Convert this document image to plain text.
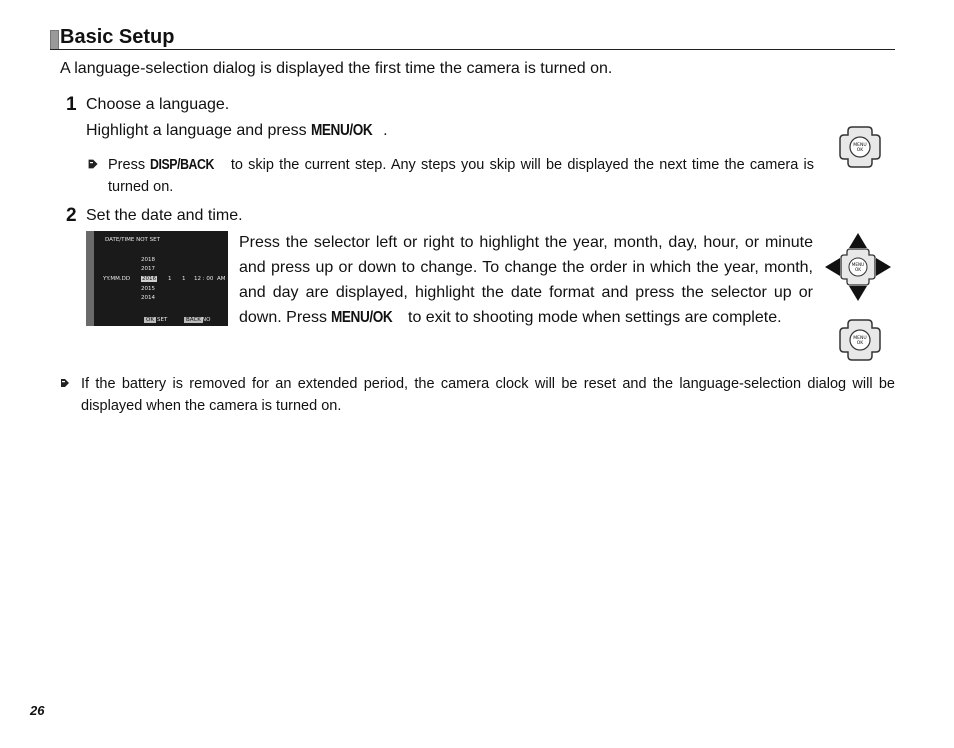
Basic Setup
A language-selection dialog is displayed the first time the camera is turned on.
1 Choose a language.
Highlight a language and press MENU/OK .
Press DISP/BACK to skip the current step. Any steps you skip will be displayed the next time the camera is turned on.
MENU
OK
2 Set the date and time.
DATE/TIME NOT SET
2018
2017
YY.MM.DD 2016 1 1 12 : 00 AM
2015
2014
OK SET	BACK NO
Press the selector left or right to highlight the year, month, day, hour, or minute and press up or down to change. To change the order in which the year, month, and day are displayed, highlight the date format and press the selector up or down. Press MENU/OK to exit to shooting mode when settings are complete.
MENU
OK
MENU
OK
If the battery is removed for an extended period, the camera clock will be reset and the language-selection dialog will be displayed when the camera is turned on.
26
